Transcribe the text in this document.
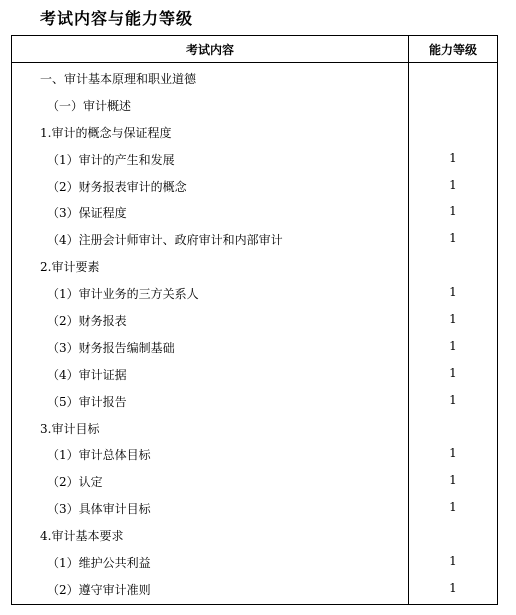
考试内容与能力等级
考试内容	能力等级
一、审计基本原理和职业道德
（一）审计概述
1.审计的概念与保证程度
（1）审计的产生和发展	1
（2）财务报表审计的概念	1
（3）保证程度	1
（4）注册会计师审计、政府审计和内部审计	1
2.审计要素
（1）审计业务的三方关系人	1
（2）财务报表	1
（3）财务报告编制基础	1
（4）审计证据	1
（5）审计报告	1
3.审计目标
（1）审计总体目标	1
（2）认定	1
（3）具体审计目标	1
4.审计基本要求
（1）维护公共利益	1
（2）遵守审计准则	1
